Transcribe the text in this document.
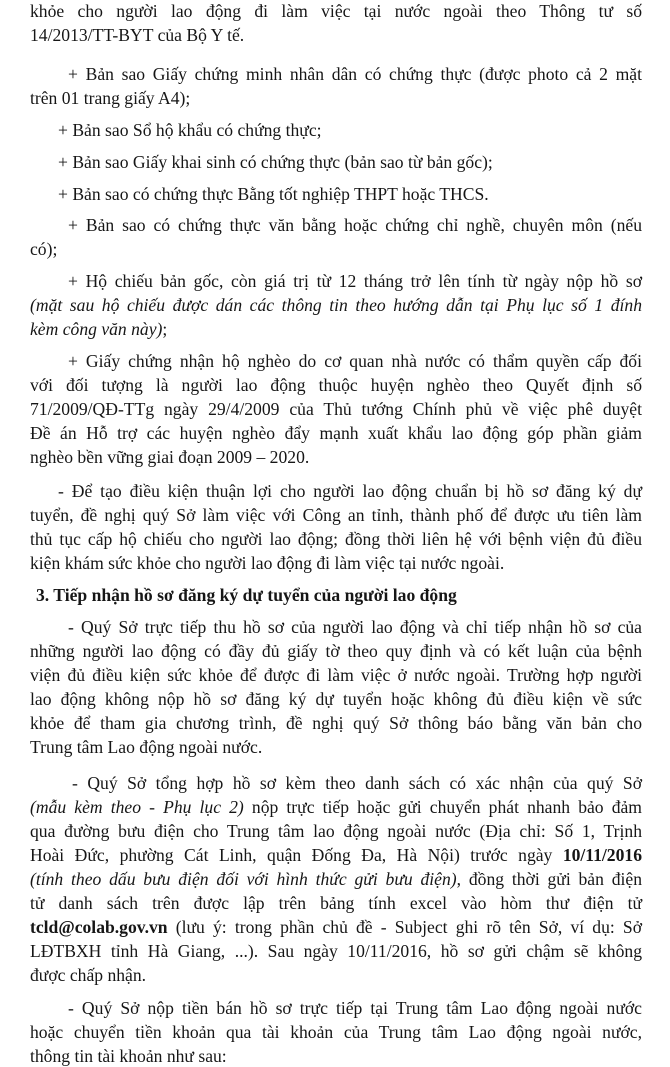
khỏe cho người lao động đi làm việc tại nước ngoài theo Thông tư số
14/2013/TT-BYT của Bộ Y tế.
+ Bản sao Giấy chứng minh nhân dân có chứng thực (được photo cả 2 mặt
trên 01 trang giấy A4);
+ Bản sao Sổ hộ khẩu có chứng thực;
+ Bản sao Giấy khai sinh có chứng thực (bản sao từ bản gốc);
+ Bản sao có chứng thực Bằng tốt nghiệp THPT hoặc THCS.
+ Bản sao có chứng thực văn bằng hoặc chứng chỉ nghề, chuyên môn (nếu
có);
+ Hộ chiếu bản gốc, còn giá trị từ 12 tháng trở lên tính từ ngày nộp hồ sơ
(mặt sau hộ chiếu được dán các thông tin theo hướng dẫn tại Phụ lục số 1 đính
kèm công văn này);
+ Giấy chứng nhận hộ nghèo do cơ quan nhà nước có thẩm quyền cấp đối
với đối tượng là người lao động thuộc huyện nghèo theo Quyết định số
71/2009/QĐ-TTg ngày 29/4/2009 của Thủ tướng Chính phủ về việc phê duyệt
Đề án Hỗ trợ các huyện nghèo đẩy mạnh xuất khẩu lao động góp phần giảm
nghèo bền vững giai đoạn 2009 – 2020.
- Để tạo điều kiện thuận lợi cho người lao động chuẩn bị hồ sơ đăng ký dự
tuyển, đề nghị quý Sở làm việc với Công an tỉnh, thành phố để được ưu tiên làm
thủ tục cấp hộ chiếu cho người lao động; đồng thời liên hệ với bệnh viện đủ điều
kiện khám sức khỏe cho người lao động đi làm việc tại nước ngoài.
3. Tiếp nhận hồ sơ đăng ký dự tuyển của người lao động
- Quý Sở trực tiếp thu hồ sơ của người lao động và chỉ tiếp nhận hồ sơ của
những người lao động có đầy đủ giấy tờ theo quy định và có kết luận của bệnh
viện đủ điều kiện sức khỏe để được đi làm việc ở nước ngoài. Trường hợp người
lao động không nộp hồ sơ đăng ký dự tuyển hoặc không đủ điều kiện về sức
khỏe để tham gia chương trình, đề nghị quý Sở thông báo bằng văn bản cho
Trung tâm Lao động ngoài nước.
- Quý Sở tổng hợp hồ sơ kèm theo danh sách có xác nhận của quý Sở
(mẫu kèm theo - Phụ lục 2) nộp trực tiếp hoặc gửi chuyển phát nhanh bảo đảm
qua đường bưu điện cho Trung tâm lao động ngoài nước (Địa chỉ: Số 1, Trịnh
Hoài Đức, phường Cát Linh, quận Đống Đa, Hà Nội) trước ngày 10/11/2016
(tính theo dấu bưu điện đối với hình thức gửi bưu điện), đồng thời gửi bản điện
tử danh sách trên được lập trên bảng tính excel vào hòm thư điện tử
tcld@colab.gov.vn (lưu ý: trong phần chủ đề - Subject ghi rõ tên Sở, ví dụ: Sở
LĐTBXH tỉnh Hà Giang, ...). Sau ngày 10/11/2016, hồ sơ gửi chậm sẽ không
được chấp nhận.
- Quý Sở nộp tiền bán hồ sơ trực tiếp tại Trung tâm Lao động ngoài nước
hoặc chuyển tiền khoản qua tài khoản của Trung tâm Lao động ngoài nước,
thông tin tài khoản như sau:
